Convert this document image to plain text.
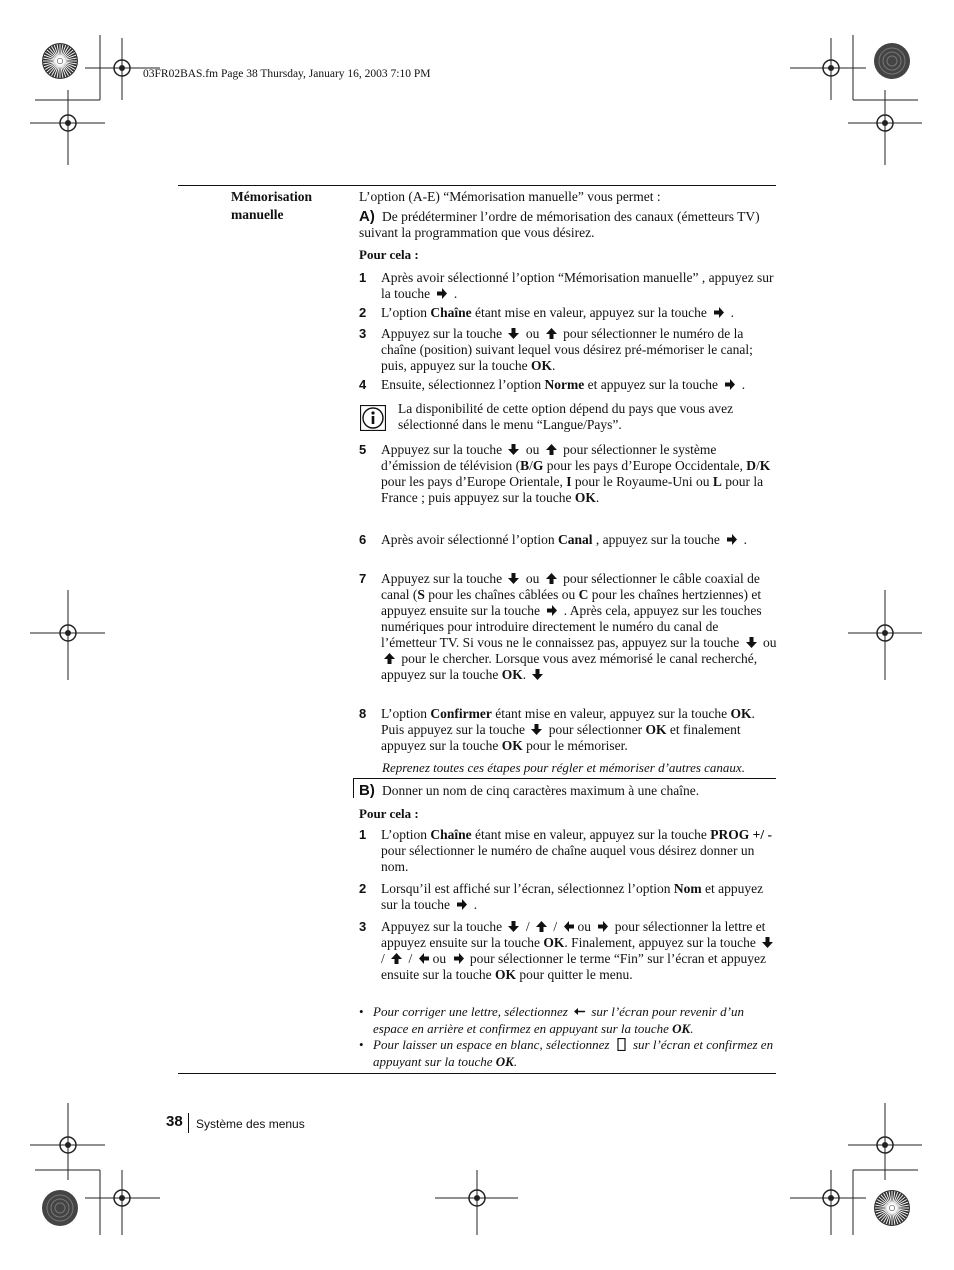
03FR02BAS.fm Page 38 Thursday, January 16, 2003 7:10 PM
Mémorisation manuelle
L’option (A-E) “Mémorisation manuelle” vous permet :
A) De prédéterminer l’ordre de mémorisation des canaux (émetteurs TV) suivant la programmation que vous désirez.
Pour cela :
1 Après avoir sélectionné l’option “Mémorisation manuelle” , appuyez sur la touche  .
2 L’option Chaîne étant mise en valeur, appuyez sur la touche  .
3 Appuyez sur la touche  ou  pour sélectionner le numéro de la chaîne (position) suivant lequel vous désirez pré-mémoriser le canal; puis, appuyez sur la touche OK.
4 Ensuite, sélectionnez l’option Norme et appuyez sur la touche  .
La disponibilité de cette option dépend du pays que vous avez sélectionné dans le menu “Langue/Pays”.
5 Appuyez sur la touche  ou  pour sélectionner le système d’émission de télévision (B/G pour les pays d’Europe Occidentale, D/K pour les pays d’Europe Orientale, I pour le Royaume-Uni ou L pour la France ; puis appuyez sur la touche OK.
6 Après avoir sélectionné l’option Canal , appuyez sur la touche  .
7 Appuyez sur la touche  ou  pour sélectionner le câble coaxial de canal (S pour les chaînes câblées ou C pour les chaînes hertziennes) et appuyez ensuite sur la touche  . Après cela, appuyez sur les touches numériques pour introduire directement le numéro du canal de l’émetteur TV. Si vous ne le connaissez pas, appuyez sur la touche  ou  pour le chercher. Lorsque vous avez mémorisé le canal recherché, appuyez sur la touche OK.
8 L’option Confirmer étant mise en valeur, appuyez sur la touche OK. Puis appuyez sur la touche  pour sélectionner OK et finalement appuyez sur la touche OK pour le mémoriser.
Reprenez toutes ces étapes pour régler et mémoriser d’autres canaux.
B) Donner un nom de cinq caractères maximum à une chaîne.
Pour cela :
1 L’option Chaîne étant mise en valeur, appuyez sur la touche PROG +/ - pour sélectionner le numéro de chaîne auquel vous désirez donner un nom.
2 Lorsqu’il est affiché sur l’écran, sélectionnez l’option Nom et appuyez sur la touche  .
3 Appuyez sur la touche  /  / ou  pour sélectionner la lettre et appuyez ensuite sur la touche OK. Finalement, appuyez sur la touche  /  / ou  pour sélectionner le terme “Fin” sur l’écran et appuyez ensuite sur la touche OK pour quitter le menu.
• Pour corriger une lettre, sélectionnez  sur l’écran pour revenir d’un espace en arrière et confirmez en appuyant sur la touche OK.
• Pour laisser un espace en blanc, sélectionnez  sur l’écran et confirmez en appuyant sur la touche OK.
38 Système des menus
